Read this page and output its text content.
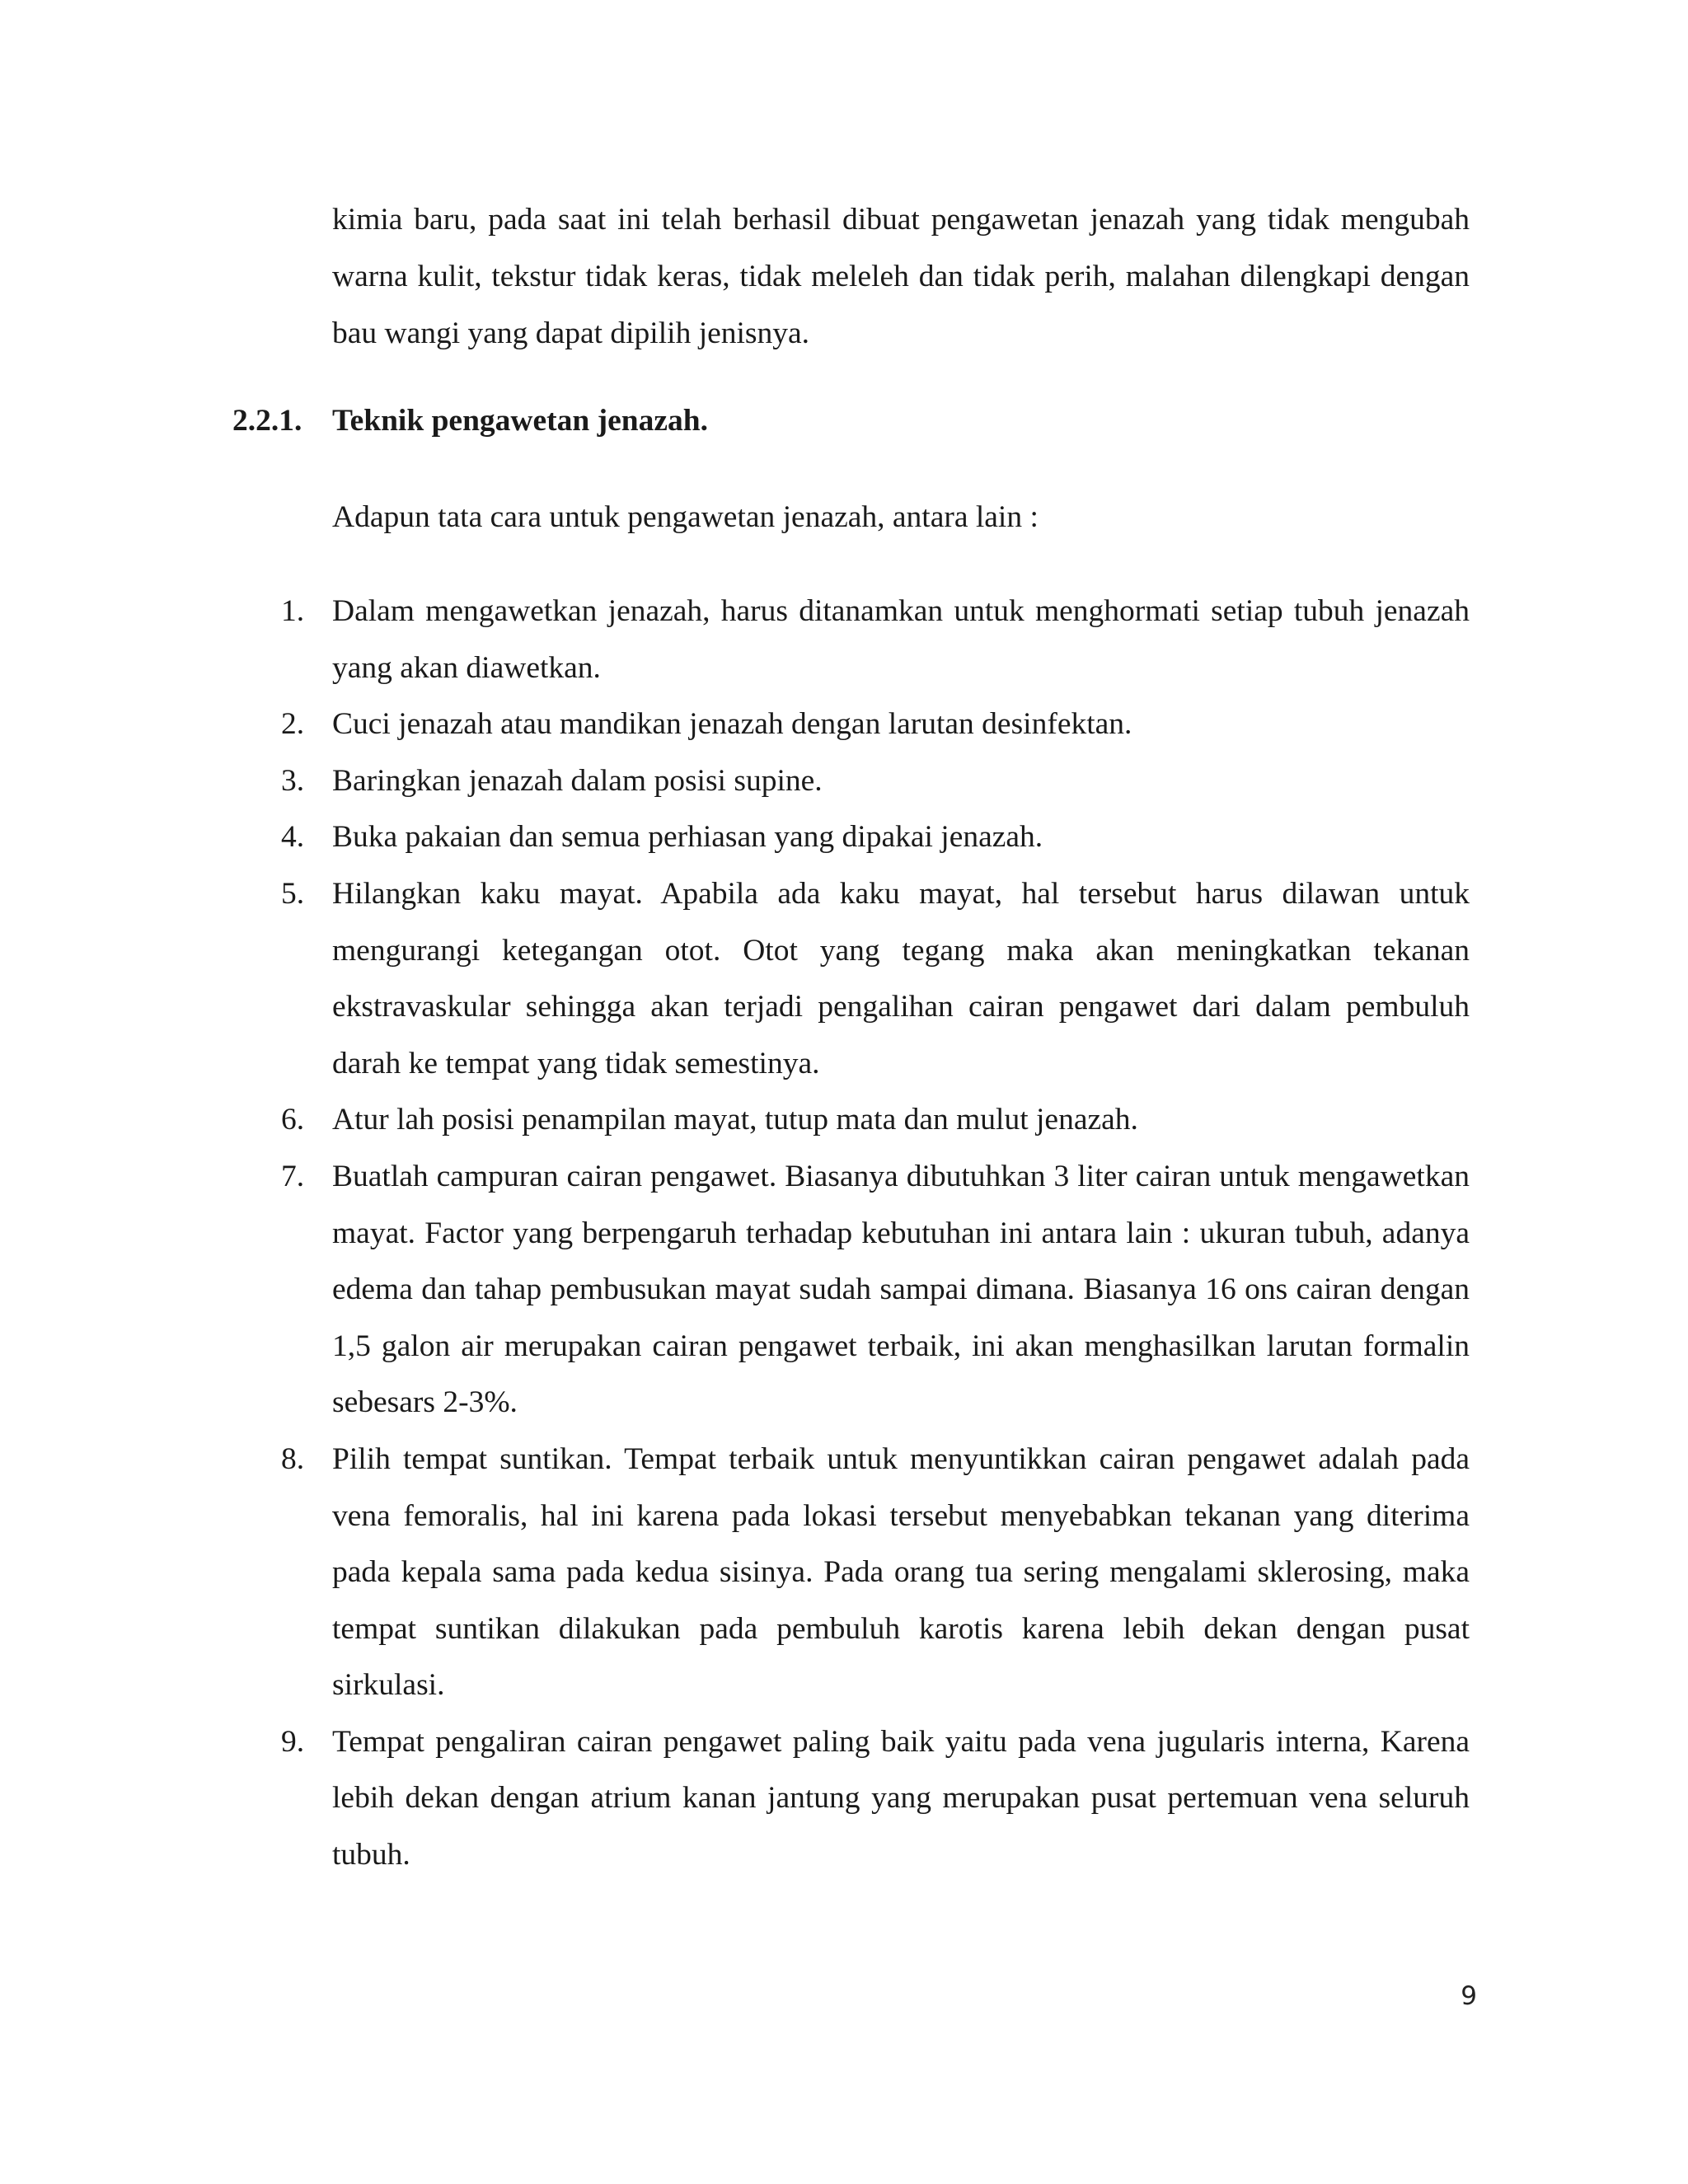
kimia baru, pada saat ini telah berhasil dibuat pengawetan jenazah yang tidak mengubah warna kulit, tekstur tidak keras, tidak meleleh dan tidak perih, malahan dilengkapi dengan bau wangi yang dapat dipilih jenisnya.

2.2.1. Teknik pengawetan jenazah.

Adapun tata cara untuk pengawetan jenazah, antara lain :

1. Dalam mengawetkan jenazah, harus ditanamkan untuk menghormati setiap tubuh jenazah yang akan diawetkan.
2. Cuci jenazah atau mandikan jenazah dengan larutan desinfektan.
3. Baringkan jenazah dalam posisi supine.
4. Buka pakaian dan semua perhiasan yang dipakai jenazah.
5. Hilangkan kaku mayat. Apabila ada kaku mayat, hal tersebut harus dilawan untuk mengurangi ketegangan otot. Otot yang tegang maka akan meningkatkan tekanan ekstravaskular sehingga akan terjadi pengalihan cairan pengawet dari dalam pembuluh darah ke tempat yang tidak semestinya.
6. Atur lah posisi penampilan mayat, tutup mata dan mulut jenazah.
7. Buatlah campuran cairan pengawet. Biasanya dibutuhkan 3 liter cairan untuk mengawetkan mayat. Factor yang berpengaruh terhadap kebutuhan ini antara lain : ukuran tubuh, adanya edema dan tahap pembusukan mayat sudah sampai dimana. Biasanya 16 ons cairan dengan 1,5 galon air merupakan cairan pengawet terbaik, ini akan menghasilkan larutan formalin sebesars 2-3%.
8. Pilih tempat suntikan. Tempat terbaik untuk menyuntikkan cairan pengawet adalah pada vena femoralis, hal ini karena pada lokasi tersebut menyebabkan tekanan yang diterima pada kepala sama pada kedua sisinya. Pada orang tua sering mengalami sklerosing, maka tempat suntikan dilakukan pada pembuluh karotis karena lebih dekan dengan pusat sirkulasi.
9. Tempat pengaliran cairan pengawet paling baik yaitu pada vena jugularis interna, Karena lebih dekan dengan atrium kanan jantung yang merupakan pusat pertemuan vena seluruh tubuh.
9
